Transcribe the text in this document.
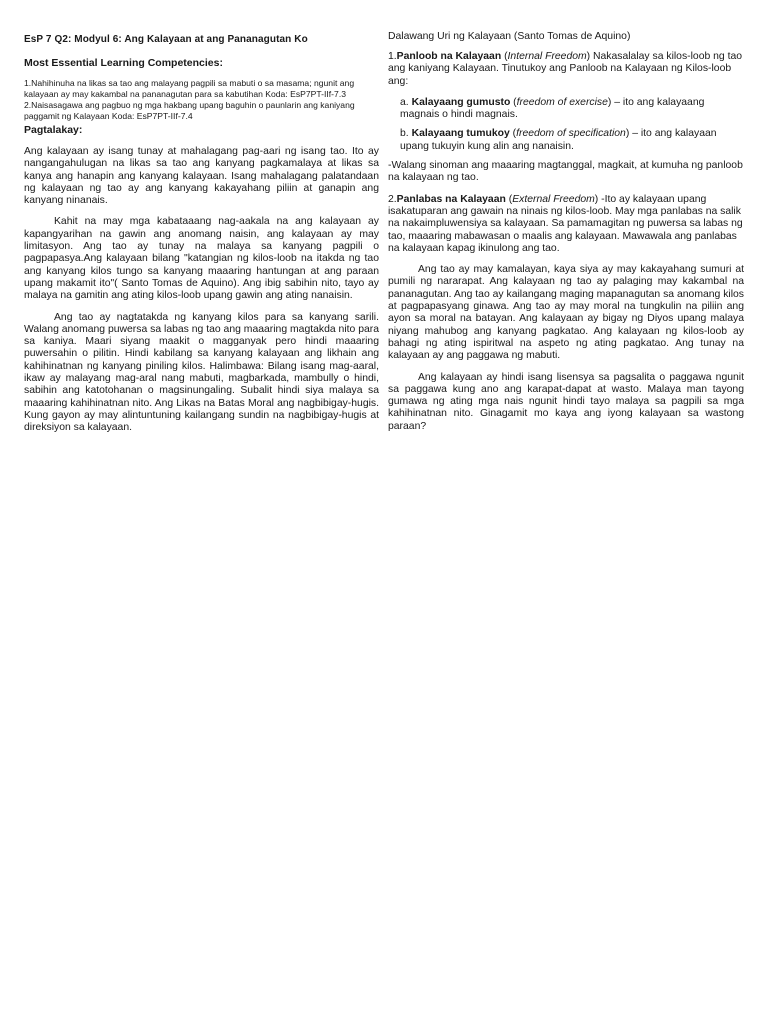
EsP 7 Q2: Modyul 6: Ang Kalayaan at ang Pananagutan Ko
Most Essential Learning Competencies:

1.Nahihinuha na likas sa tao ang malayang pagpili sa mabuti o sa masama; ngunit ang kalayaan ay may kakambal na pananagutan para sa kabutihan Koda: EsP7PT-IIf-7.3

2.Naisasagawa ang pagbuo ng mga hakbang upang baguhin o paunlarin ang kaniyang paggamit ng Kalayaan Koda: EsP7PT-IIf-7.4

Pagtalakay:

Ang kalayaan ay isang tunay at mahalagang pag-aari ng isang tao. Ito ay nangangahulugan na likas sa tao ang kanyang pagkamalaya at likas sa kanya ang hanapin ang kanyang kalayaan. Isang mahalagang palatandaan ng kalayaan ng tao ay ang kanyang kakayahang piliin at ganapin ang kanyang ninanais.

Kahit na may mga kabataaang nag-aakala na ang kalayaan ay kapangyarihan na gawin ang anomang naisin, ang kalayaan ay may limitasyon. Ang tao ay tunay na malaya sa kanyang pagpili o pagpapasya.Ang kalayaan bilang "katangian ng kilos-loob na itakda ng tao ang kanyang kilos tungo sa kanyang maaaring hantungan at ang paraan upang makamit ito"( Santo Tomas de Aquino). Ang ibig sabihin nito, tayo ay malaya na gamitin ang ating kilos-loob upang gawin ang ating nanaisin.

Ang tao ay nagtatakda ng kanyang kilos para sa kanyang sarili. Walang anomang puwersa sa labas ng tao ang maaaring magtakda nito para sa kaniya. Maari siyang maakit o magganyak pero hindi maaaring puwersahin o pilitin. Hindi kabilang sa kanyang kalayaan ang likhain ang kahihinatnan ng kanyang piniling kilos. Halimbawa: Bilang isang mag-aaral, ikaw ay malayang mag-aral nang mabuti, magbarkada, mambully o hindi, sabihin ang katotohanan o magsinungaling. Subalit hindi siya malaya sa maaaring kahihinatnan nito. Ang Likas na Batas Moral ang nagbibigay-hugis. Kung gayon ay may alintuntuning kailangang sundin na nagbibigay-hugis at direksiyon sa kalayaan.

Dalawang Uri ng Kalayaan (Santo Tomas de Aquino)

1.Panloob na Kalayaan (Internal Freedom) Nakasalalay sa kilos-loob ng tao ang kaniyang Kalayaan. Tinutukoy ang Panloob na Kalayaan ng Kilos-loob ang:

a. Kalayaang gumusto (freedom of exercise) – ito ang kalayaang magnais o hindi magnais.

b. Kalayaang tumukoy (freedom of specification) – ito ang kalayaan upang tukuyin kung alin ang nanaisin.

-Walang sinoman ang maaaring magtanggal, magkait, at kumuha ng panloob na kalayaan ng tao.

2.Panlabas na Kalayaan (External Freedom) -Ito ay kalayaan upang isakatuparan ang gawain na ninais ng kilos-loob. May mga panlabas na salik na nakaimpluwensiya sa kalayaan. Sa pamamagitan ng puwersa sa labas ng tao, maaaring mabawasan o maalis ang kalayaan. Mawawala ang panlabas na kalayaan kapag ikinulong ang tao.

Ang tao ay may kamalayan, kaya siya ay may kakayahang sumuri at pumili ng nararapat. Ang kalayaan ng tao ay palaging may kakambal na pananagutan. Ang tao ay kailangang maging mapanagutan sa anomang kilos at pagpapasyang ginawa. Ang tao ay may moral na tungkulin na piliin ang ayon sa moral na batayan. Ang kalayaan ay bigay ng Diyos upang malaya niyang mahubog ang kanyang pagkatao. Ang kalayaan ng kilos-loob ay bahagi ng ating ispiritwal na aspeto ng ating pagkatao. Ang tunay na kalayaan ay ang paggawa ng mabuti.

Ang kalayaan ay hindi isang lisensya sa pagsalita o paggawa ngunit sa paggawa kung ano ang karapat-dapat at wasto. Malaya man tayong gumawa ng ating mga nais ngunit hindi tayo malaya sa pagpili sa mga kahihinatnan nito. Ginagamit mo kaya ang iyong kalayaan sa wastong paraan?
